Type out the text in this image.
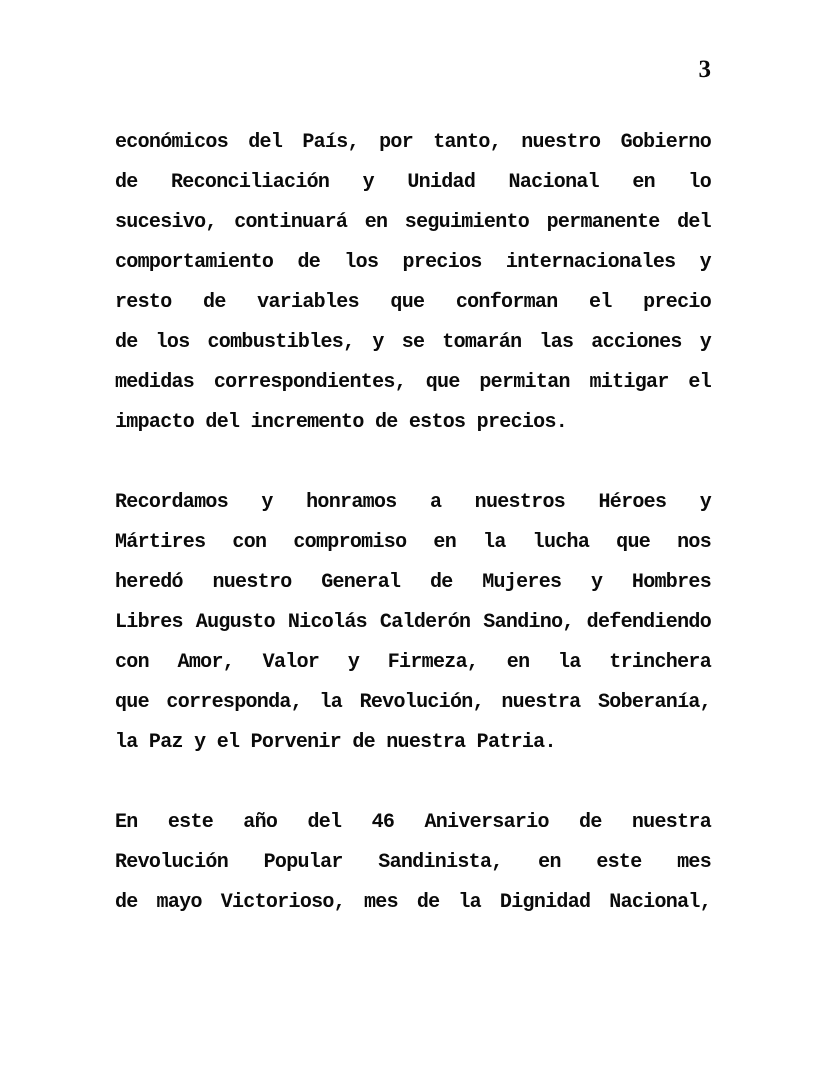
3
económicos del País, por tanto, nuestro Gobierno
de Reconciliación y Unidad Nacional en lo
sucesivo, continuará en seguimiento permanente del
comportamiento de los precios internacionales y
resto de variables que conforman el precio
de los combustibles, y se tomarán las acciones y
medidas correspondientes, que permitan mitigar el
impacto del incremento de estos precios.
Recordamos y honramos a nuestros Héroes y
Mártires con compromiso en la lucha que nos
heredó nuestro General de Mujeres y Hombres
Libres Augusto Nicolás Calderón Sandino, defendiendo
con Amor, Valor y Firmeza, en la trinchera
que corresponda, la Revolución, nuestra Soberanía,
la Paz y el Porvenir de nuestra Patria.
En este año del 46 Aniversario de nuestra
Revolución Popular Sandinista, en este mes
de mayo Victorioso, mes de la Dignidad Nacional,
